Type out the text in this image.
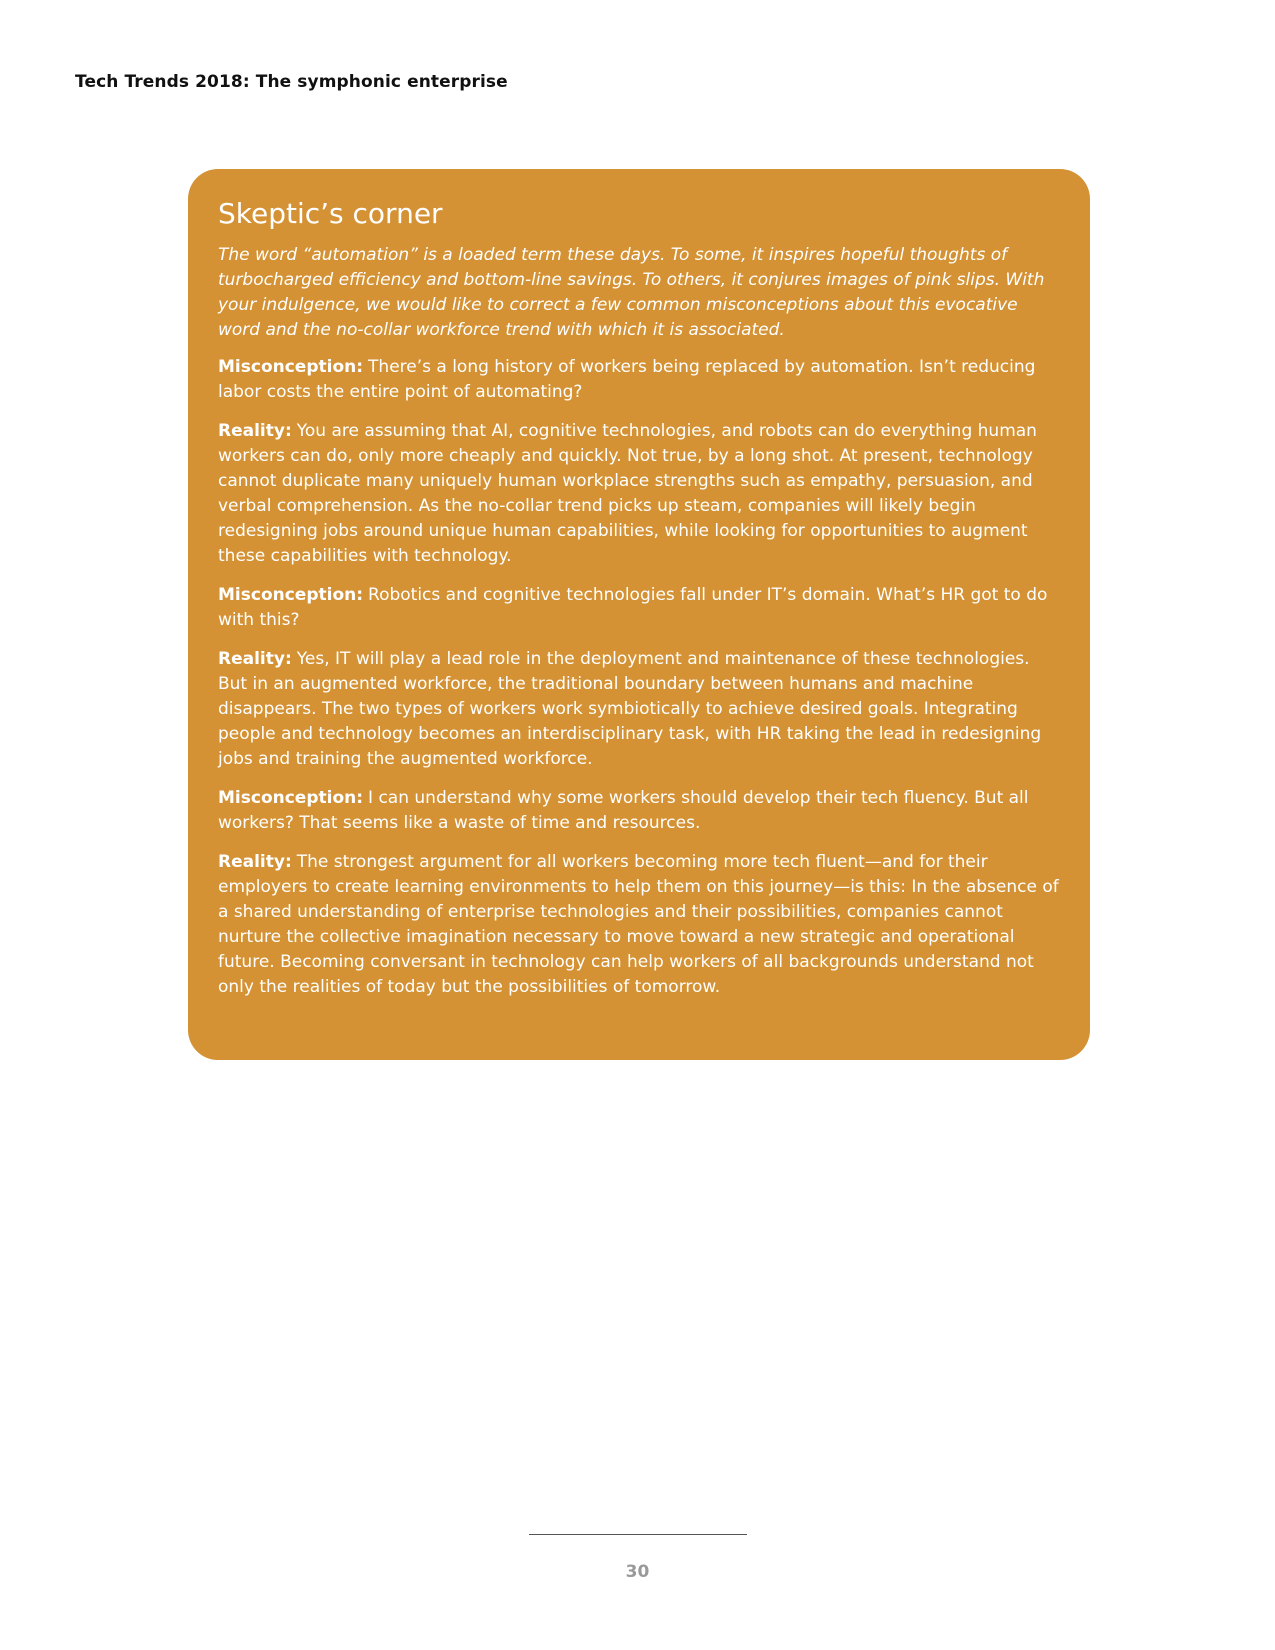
Tech Trends 2018: The symphonic enterprise
Skeptic’s corner

The word “automation” is a loaded term these days. To some, it inspires hopeful thoughts of turbocharged efficiency and bottom-line savings. To others, it conjures images of pink slips. With your indulgence, we would like to correct a few common misconceptions about this evocative word and the no-collar workforce trend with which it is associated.

Misconception: There’s a long history of workers being replaced by automation. Isn’t reducing labor costs the entire point of automating?

Reality: You are assuming that AI, cognitive technologies, and robots can do everything human workers can do, only more cheaply and quickly. Not true, by a long shot. At present, technology cannot duplicate many uniquely human workplace strengths such as empathy, persuasion, and verbal comprehension. As the no-collar trend picks up steam, companies will likely begin redesigning jobs around unique human capabilities, while looking for opportunities to augment these capabilities with technology.

Misconception: Robotics and cognitive technologies fall under IT’s domain. What’s HR got to do with this?

Reality: Yes, IT will play a lead role in the deployment and maintenance of these technologies. But in an augmented workforce, the traditional boundary between humans and machine disappears. The two types of workers work symbiotically to achieve desired goals. Integrating people and technology becomes an interdisciplinary task, with HR taking the lead in redesigning jobs and training the augmented workforce.

Misconception: I can understand why some workers should develop their tech fluency. But all workers? That seems like a waste of time and resources.

Reality: The strongest argument for all workers becoming more tech fluent—and for their employers to create learning environments to help them on this journey—is this: In the absence of a shared understanding of enterprise technologies and their possibilities, companies cannot nurture the collective imagination necessary to move toward a new strategic and operational future. Becoming conversant in technology can help workers of all backgrounds understand not only the realities of today but the possibilities of tomorrow.

30
